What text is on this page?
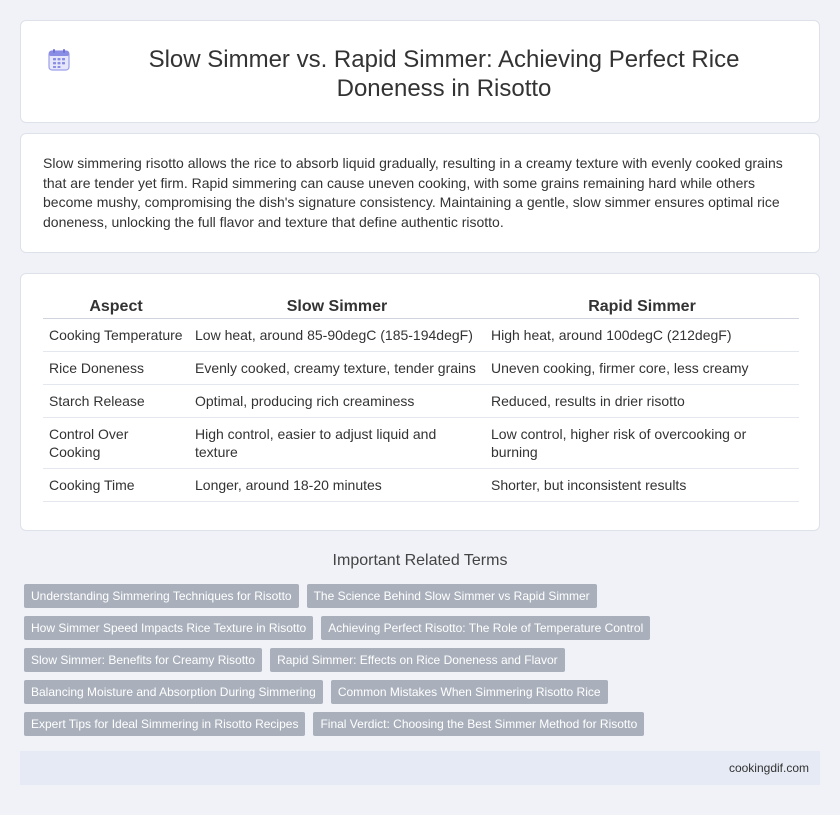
Slow Simmer vs. Rapid Simmer: Achieving Perfect Rice Doneness in Risotto

Slow simmering risotto allows the rice to absorb liquid gradually, resulting in a creamy texture with evenly cooked grains that are tender yet firm. Rapid simmering can cause uneven cooking, with some grains remaining hard while others become mushy, compromising the dish's signature consistency. Maintaining a gentle, slow simmer ensures optimal rice doneness, unlocking the full flavor and texture that define authentic risotto.

Aspect	Slow Simmer	Rapid Simmer
Cooking Temperature	Low heat, around 85-90degC (185-194degF)	High heat, around 100degC (212degF)
Rice Doneness	Evenly cooked, creamy texture, tender grains	Uneven cooking, firmer core, less creamy
Starch Release	Optimal, producing rich creaminess	Reduced, results in drier risotto
Control Over Cooking	High control, easier to adjust liquid and texture	Low control, higher risk of overcooking or burning
Cooking Time	Longer, around 18-20 minutes	Shorter, but inconsistent results
Important Related Terms
Understanding Simmering Techniques for Risotto	The Science Behind Slow Simmer vs Rapid Simmer
How Simmer Speed Impacts Rice Texture in Risotto	Achieving Perfect Risotto: The Role of Temperature Control
Slow Simmer: Benefits for Creamy Risotto	Rapid Simmer: Effects on Rice Doneness and Flavor
Balancing Moisture and Absorption During Simmering	Common Mistakes When Simmering Risotto Rice
Expert Tips for Ideal Simmering in Risotto Recipes	Final Verdict: Choosing the Best Simmer Method for Risotto
cookingdif.com
